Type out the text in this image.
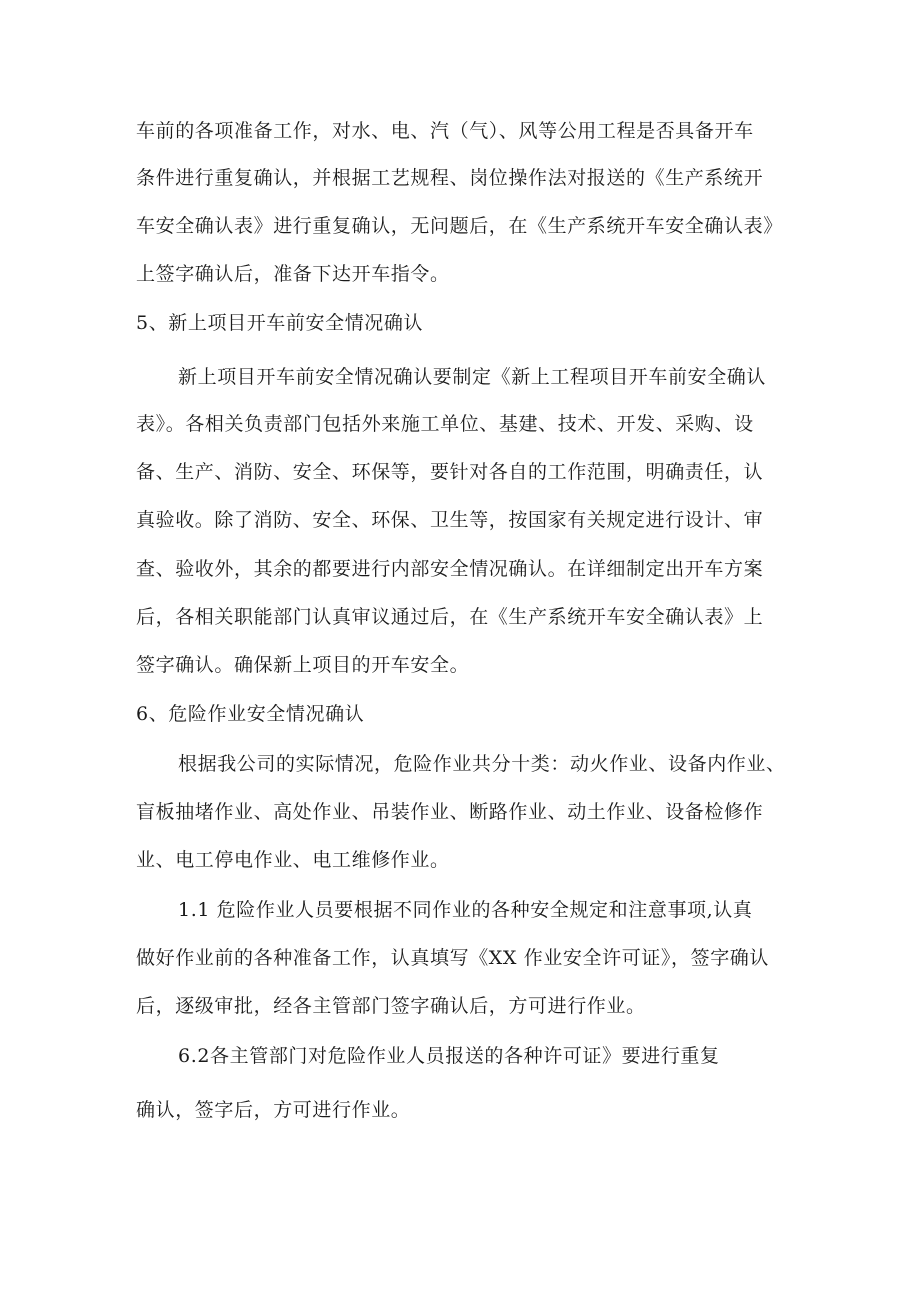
车前的各项准备工作，对水、电、汽（气）、风等公用工程是否具备开车
条件进行重复确认，并根据工艺规程、岗位操作法对报送的《生产系统开
车安全确认表》进行重复确认，无问题后，在《生产系统开车安全确认表》
上签字确认后，准备下达开车指令。
5、新上项目开车前安全情况确认
新上项目开车前安全情况确认要制定《新上工程项目开车前安全确认
表》。各相关负责部门包括外来施工单位、基建、技术、开发、采购、设
备、生产、消防、安全、环保等，要针对各自的工作范围，明确责任，认
真验收。除了消防、安全、环保、卫生等，按国家有关规定进行设计、审
查、验收外，其余的都要进行内部安全情况确认。在详细制定出开车方案
后，各相关职能部门认真审议通过后，在《生产系统开车安全确认表》上
签字确认。确保新上项目的开车安全。
6、危险作业安全情况确认
根据我公司的实际情况，危险作业共分十类：动火作业、设备内作业、
盲板抽堵作业、高处作业、吊装作业、断路作业、动土作业、设备检修作
业、电工停电作业、电工维修作业。
1.1 危险作业人员要根据不同作业的各种安全规定和注意事项,认真
做好作业前的各种准备工作，认真填写《XX 作业安全许可证》，签字确认
后，逐级审批，经各主管部门签字确认后，方可进行作业。
6.2各主管部门对危险作业人员报送的各种许可证》要进行重复
确认，签字后，方可进行作业。
